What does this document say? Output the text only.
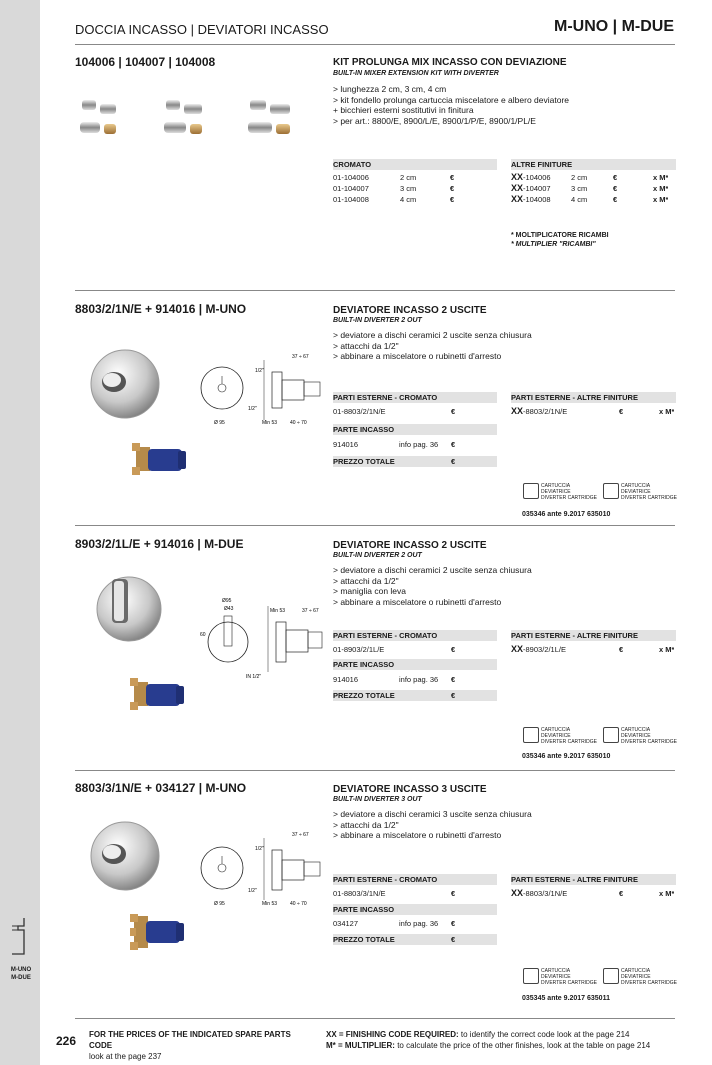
M-UNO
M-DUE
DOCCIA INCASSO | DEVIATORI INCASSO	M-UNO | M-DUE
104006 | 104007 | 104008	KIT PROLUNGA MIX INCASSO CON DEVIAZIONE
BUILT-IN MIXER EXTENSION KIT WITH DIVERTER
> lunghezza 2 cm, 3 cm, 4 cm
> kit fondello prolunga cartuccia miscelatore e albero deviatore
+ bicchieri esterni sostitutivi in finitura
> per art.: 8800/E, 8900/L/E, 8900/1/P/E, 8900/1/PL/E
CROMATO
01-104006	2 cm	€
01-104007	3 cm	€
01-104008	4 cm	€
ALTRE FINITURE
XX -104006	2 cm	€	x M*
XX -104007	3 cm	€	x M*
XX -104008	4 cm	€	x M*
* MOLTIPLICATORE RICAMBI
* MULTIPLIER "RICAMBI"
8803/2/1N/E + 914016 | M-UNO	DEVIATORE INCASSO 2 USCITE
BUILT-IN DIVERTER 2 OUT
> deviatore a dischi ceramici 2 uscite senza chiusura
> attacchi da 1/2"
> abbinare a miscelatore o rubinetti d'arresto
37 ÷ 67
Ø 95	Min 53	40 ÷ 70
1/2"
1/2"
PARTI ESTERNE - CROMATO
01-8803/2/1N/E	€
PARTE INCASSO
914016	info pag. 36	€
PREZZO TOTALE	€
PARTI ESTERNE - ALTRE FINITURE
XX -8803/2/1N/E	€	x M*
CARTUCCIA
DEVIATRICE
DIVERTER CARTRIDGE
CARTUCCIA
DEVIATRICE
DIVERTER CARTRIDGE
035346 ante 9.2017 635010
8903/2/1L/E + 914016 | M-DUE	DEVIATORE INCASSO 2 USCITE
BUILT-IN DIVERTER 2 OUT
> deviatore a dischi ceramici 2 uscite senza chiusura
> attacchi da 1/2"
> maniglia con leva
> abbinare a miscelatore o rubinetti d'arresto
Ø95
Ø43	Min 53	37 ÷ 67
60
IN 1/2"
PARTI ESTERNE - CROMATO
01-8903/2/1L/E	€
PARTE INCASSO
914016	info pag. 36	€
PREZZO TOTALE	€
PARTI ESTERNE - ALTRE FINITURE
XX -8903/2/1L/E	€	x M*
CARTUCCIA
DEVIATRICE
DIVERTER CARTRIDGE
CARTUCCIA
DEVIATRICE
DIVERTER CARTRIDGE
035346 ante 9.2017 635010
8803/3/1N/E + 034127 | M-UNO	DEVIATORE INCASSO 3 USCITE
BUILT-IN DIVERTER 3 OUT
> deviatore a dischi ceramici 3 uscite senza chiusura
> attacchi da 1/2"
> abbinare a miscelatore o rubinetti d'arresto
37 ÷ 67
Ø 95	Min 53	40 ÷ 70
1/2"
1/2"
PARTI ESTERNE - CROMATO
01-8803/3/1N/E	€
PARTE INCASSO
034127	info pag. 36	€
PREZZO TOTALE	€
PARTI ESTERNE - ALTRE FINITURE
XX -8803/3/1N/E	€	x M*
CARTUCCIA
DEVIATRICE
DIVERTER CARTRIDGE
CARTUCCIA
DEVIATRICE
DIVERTER CARTRIDGE
035345 ante 9.2017 635011
226 FOR THE PRICES OF THE INDICATED SPARE PARTS CODE
look at the page 237
XX = FINISHING CODE REQUIRED: to identify the correct code look at the page 214
M* = MULTIPLIER: to calculate the price of the other finishes, look at the table on page 214
